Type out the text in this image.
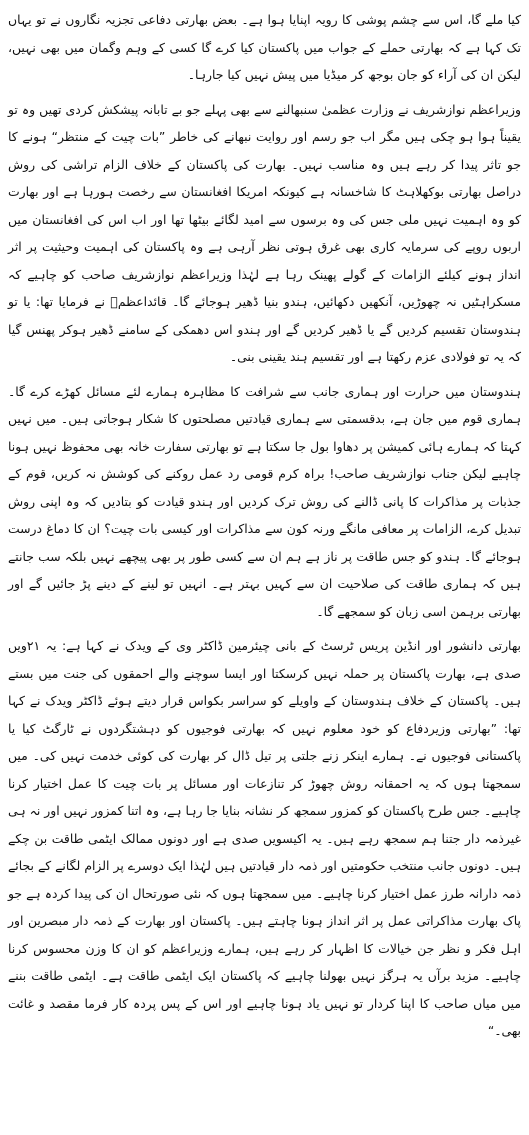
کیا ملے گا، اس سے چشم پوشی کا رویہ اپنایا ہوا ہے۔ بعض بھارتی دفاعی تجزیہ نگاروں نے تو یہاں تک کہا ہے کہ بھارتی حملے کے جواب میں پاکستان کیا کرے گا کسی کے وہم وگمان میں بھی نہیں، لیکن ان کی آراء کو جان بوجھ کر میڈیا میں پیش نہیں کیا جارہا۔

وزیراعظم نوازشریف نے وزارت عظمیٰ سنبھالنے سے بھی پہلے جو بے تابانہ پیشکش کردی تھیں وہ تو یقیناً ہوا ہو چکی ہیں مگر اب جو رسم اور روایت نبھانے کی خاطر ”بات چیت کے منتظر“ ہونے کا جو تاثر پیدا کر رہے ہیں وہ مناسب نہیں۔ بھارت کی پاکستان کے خلاف الزام تراشی کی روش دراصل بھارتی بوکھلاہٹ کا شاخسانہ ہے کیونکہ امریکا افغانستان سے رخصت ہورہا ہے اور بھارت کو وہ اہمیت نہیں ملی جس کی وہ برسوں سے امید لگائے بیٹھا تھا اور اب اس کی افغانستان میں اربوں روپے کی سرمایہ کاری بھی غرق ہوتی نظر آرہی ہے وہ پاکستان کی اہمیت وحیثیت پر اثر انداز ہونے کیلئے الزامات کے گولے پھینک رہا ہے لہٰذا وزیراعظم نوازشریف صاحب کو چاہیے کہ مسکراہٹیں نہ چھوڑیں، آنکھیں دکھائیں، ہندو بنیا ڈھیر ہوجائے گا۔ قائداعظمؒ نے فرمایا تھا: یا تو ہندوستان تقسیم کردیں گے یا ڈھیر کردیں گے اور ہندو اس دھمکی کے سامنے ڈھیر ہوکر پھنس گیا کہ یہ تو فولادی عزم رکھتا ہے اور تقسیم ہند یقینی بنی۔

ہندوستان میں حرارت اور ہماری جانب سے شرافت کا مظاہرہ ہمارے لئے مسائل کھڑے کرے گا۔ ہماری قوم میں جان ہے، بدقسمتی سے ہماری قیادتیں مصلحتوں کا شکار ہوجاتی ہیں۔ میں نہیں کہتا کہ ہمارے ہائی کمیشن پر دھاوا بول جا سکتا ہے تو بھارتی سفارت خانہ بھی محفوظ نہیں ہونا چاہیے لیکن جناب نوازشریف صاحب! براہ کرم قومی رد عمل روکنے کی کوشش نہ کریں، قوم کے جذبات پر مذاکرات کا پانی ڈالنے کی روش ترک کردیں اور ہندو قیادت کو بتادیں کہ وہ اپنی روش تبدیل کرے، الزامات پر معافی مانگے ورنہ کون سے مذاکرات اور کیسی بات چیت؟ ان کا دماغ درست ہوجائے گا۔ ہندو کو جس طاقت پر ناز ہے ہم ان سے کسی طور پر بھی پیچھے نہیں بلکہ سب جانتے ہیں کہ ہماری طاقت کی صلاحیت ان سے کہیں بہتر ہے۔ انہیں تو لینے کے دینے پڑ جائیں گے اور بھارتی برہمن اسی زبان کو سمجھے گا۔

بھارتی دانشور اور انڈین پریس ٹرسٹ کے بانی چیئرمین ڈاکٹر وی کے ویدک نے کہا ہے: یہ ۲۱ویں صدی ہے، بھارت پاکستان پر حملہ نہیں کرسکتا اور ایسا سوچنے والے احمقوں کی جنت میں بستے ہیں۔ پاکستان کے خلاف ہندوستان کے واویلے کو سراسر بکواس قرار دیتے ہوئے ڈاکٹر ویدک نے کہا تھا: ”بھارتی وزیردفاع کو خود معلوم نہیں کہ بھارتی فوجیوں کو دہشتگردوں نے ٹارگٹ کیا یا پاکستانی فوجیوں نے۔ ہمارے اینکر زنے جلتی پر تیل ڈال کر بھارت کی کوئی خدمت نہیں کی۔ میں سمجھتا ہوں کہ یہ احمقانہ روش چھوڑ کر تنازعات اور مسائل پر بات چیت کا عمل اختیار کرنا چاہیے۔ جس طرح پاکستان کو کمزور سمجھ کر نشانہ بنایا جا رہا ہے، وہ اتنا کمزور نہیں اور نہ ہی غیرذمہ دار جتنا ہم سمجھ رہے ہیں۔ یہ اکیسویں صدی ہے اور دونوں ممالک ایٹمی طاقت بن چکے ہیں۔ دونوں جانب منتخب حکومتیں اور ذمہ دار قیادتیں ہیں لہٰذا ایک دوسرے پر الزام لگانے کے بجائے ذمہ دارانہ طرز عمل اختیار کرنا چاہیے۔ میں سمجھتا ہوں کہ نئی صورتحال ان کی پیدا کردہ ہے جو پاک بھارت مذاکراتی عمل پر اثر انداز ہونا چاہتے ہیں۔ پاکستان اور بھارت کے ذمہ دار مبصرین اور اہل فکر و نظر جن خیالات کا اظہار کر رہے ہیں، ہمارے وزیراعظم کو ان کا وزن محسوس کرنا چاہیے۔ مزید برآں یہ ہرگز نہیں بھولنا چاہیے کہ پاکستان ایک ایٹمی طاقت ہے۔ ایٹمی طاقت بننے میں میاں صاحب کا اپنا کردار تو نہیں یاد ہونا چاہیے اور اس کے پس پردہ کار فرما مقصد و غائت بھی۔“
